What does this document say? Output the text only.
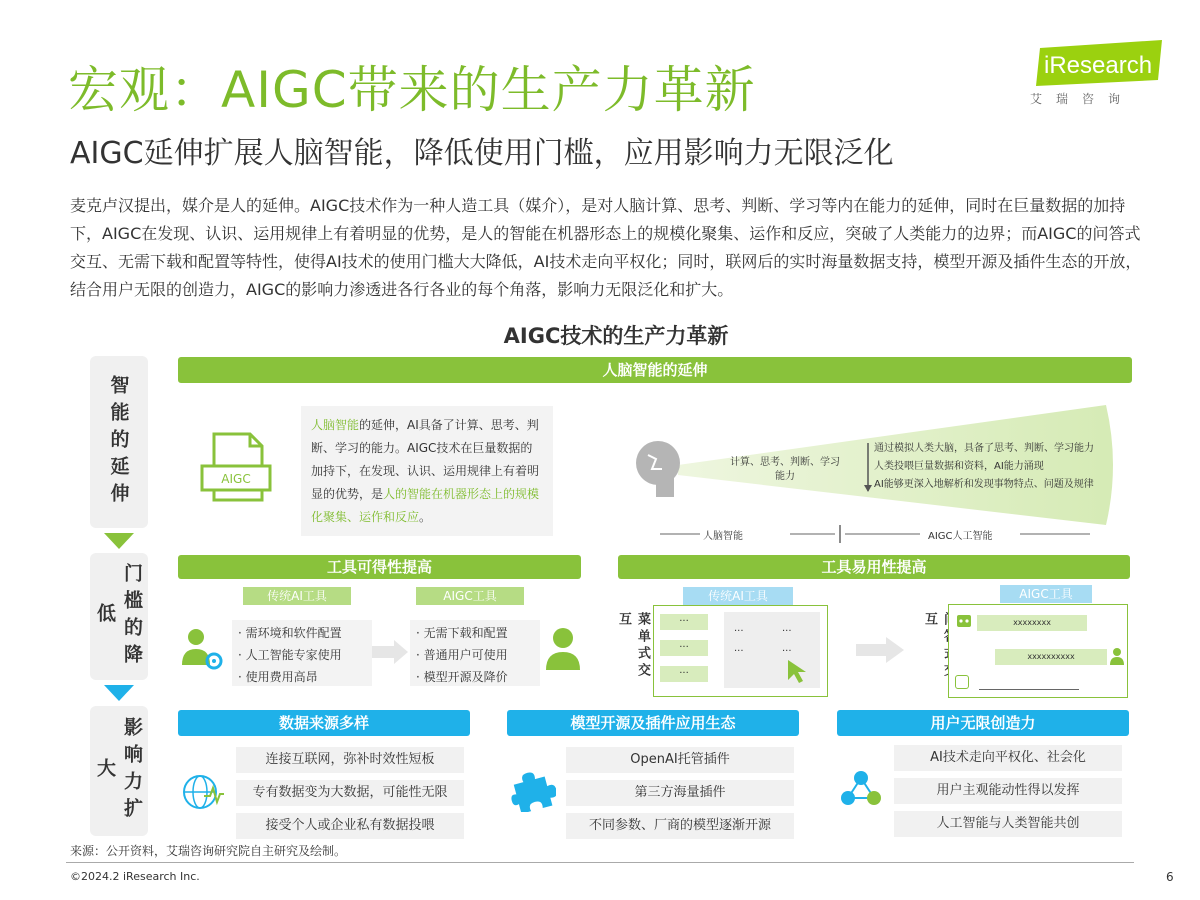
宏观：AIGC带来的生产力革新
AIGC延伸扩展人脑智能，降低使用门槛，应用影响力无限泛化
iResearch
艾瑞咨询
麦克卢汉提出，媒介是人的延伸。AIGC技术作为一种人造工具（媒介），是对人脑计算、思考、判断、学习等内在能力的延伸，同时在巨量数据的加持下，AIGC在发现、认识、运用规律上有着明显的优势，是人的智能在机器形态上的规模化聚集、运作和反应，突破了人类能力的边界；而AIGC的问答式交互、无需下载和配置等特性，使得AI技术的使用门槛大大降低，AI技术走向平权化；同时，联网后的实时海量数据支持，模型开源及插件生态的开放，结合用户无限的创造力，AIGC的影响力渗透进各行各业的每个角落，影响力无限泛化和扩大。
AIGC技术的生产力革新
智能的延伸
门槛的降低
影响力扩大
人脑智能的延伸
AIGC
人脑智能的延伸，AI具备了计算、思考、判断、学习的能力。AIGC技术在巨量数据的加持下，在发现、认识、运用规律上有着明显的优势，是人的智能在机器形态上的规模化聚集、运作和反应。
计算、思考、判断、学习能力
通过模拟人类大脑，具备了思考、判断、学习能力
人类投喂巨量数据和资料，AI能力涌现
AI能够更深入地解析和发现事物特点、问题及规律
人脑智能	AIGC人工智能
工具可得性提高	工具易用性提高
传统AI工具	AIGC工具
· 需环境和软件配置
· 人工智能专家使用
· 使用费用高昂
· 无需下载和配置
· 普通用户可使用
· 模型开源及降价	菜单式交互
传统AI工具
···
···
···
···	···
···	···
互
AIGC工具
xxxxxxxx
xxxxxxxxxx
数据来源多样	模型开源及插件应用生态	用户无限创造力
连接互联网，弥补时效性短板
专有数据变为大数据，可能性无限
接受个人或企业私有数据投喂
OpenAI托管插件
第三方海量插件
不同参数、厂商的模型逐渐开源
AI技术走向平权化、社会化
用户主观能动性得以发挥
人工智能与人类智能共创
来源：公开资料，艾瑞咨询研究院自主研究及绘制。
©2024.2 iResearch Inc.	6
